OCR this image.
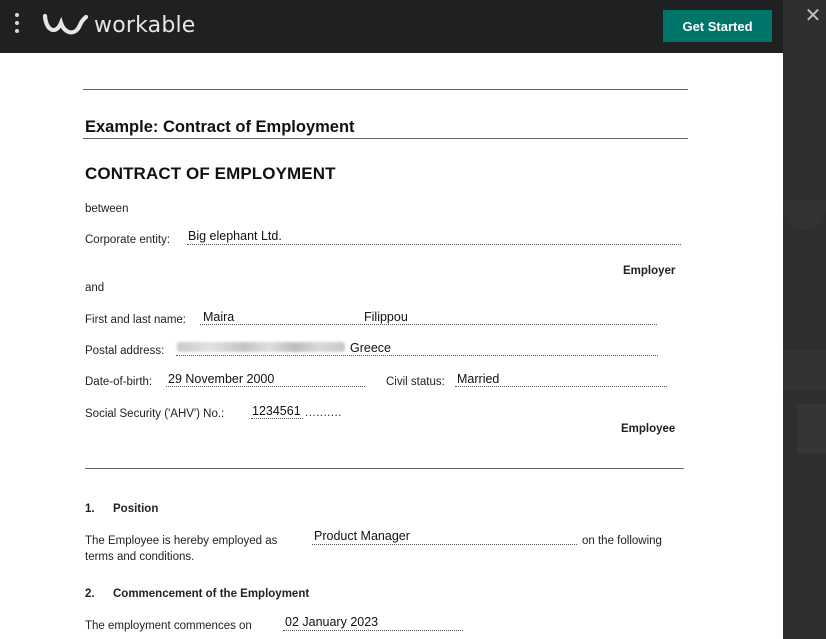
workable	Get Started	✕
Example: Contract of Employment
CONTRACT OF EMPLOYMENT
between
Corporate entity: Big elephant Ltd.
Employer
and
First and last name: Maira	Filippou
Postal address:	Greece
Date-of-birth: 29 November 2000	Civil status: Married
Social Security ('AHV') No.: 1234561 ..........
Employee
1. Position
The Employee is hereby employed as	Product Manager	on the following
terms and conditions.
2. Commencement of the Employment
The employment commences on	02 January 2023
